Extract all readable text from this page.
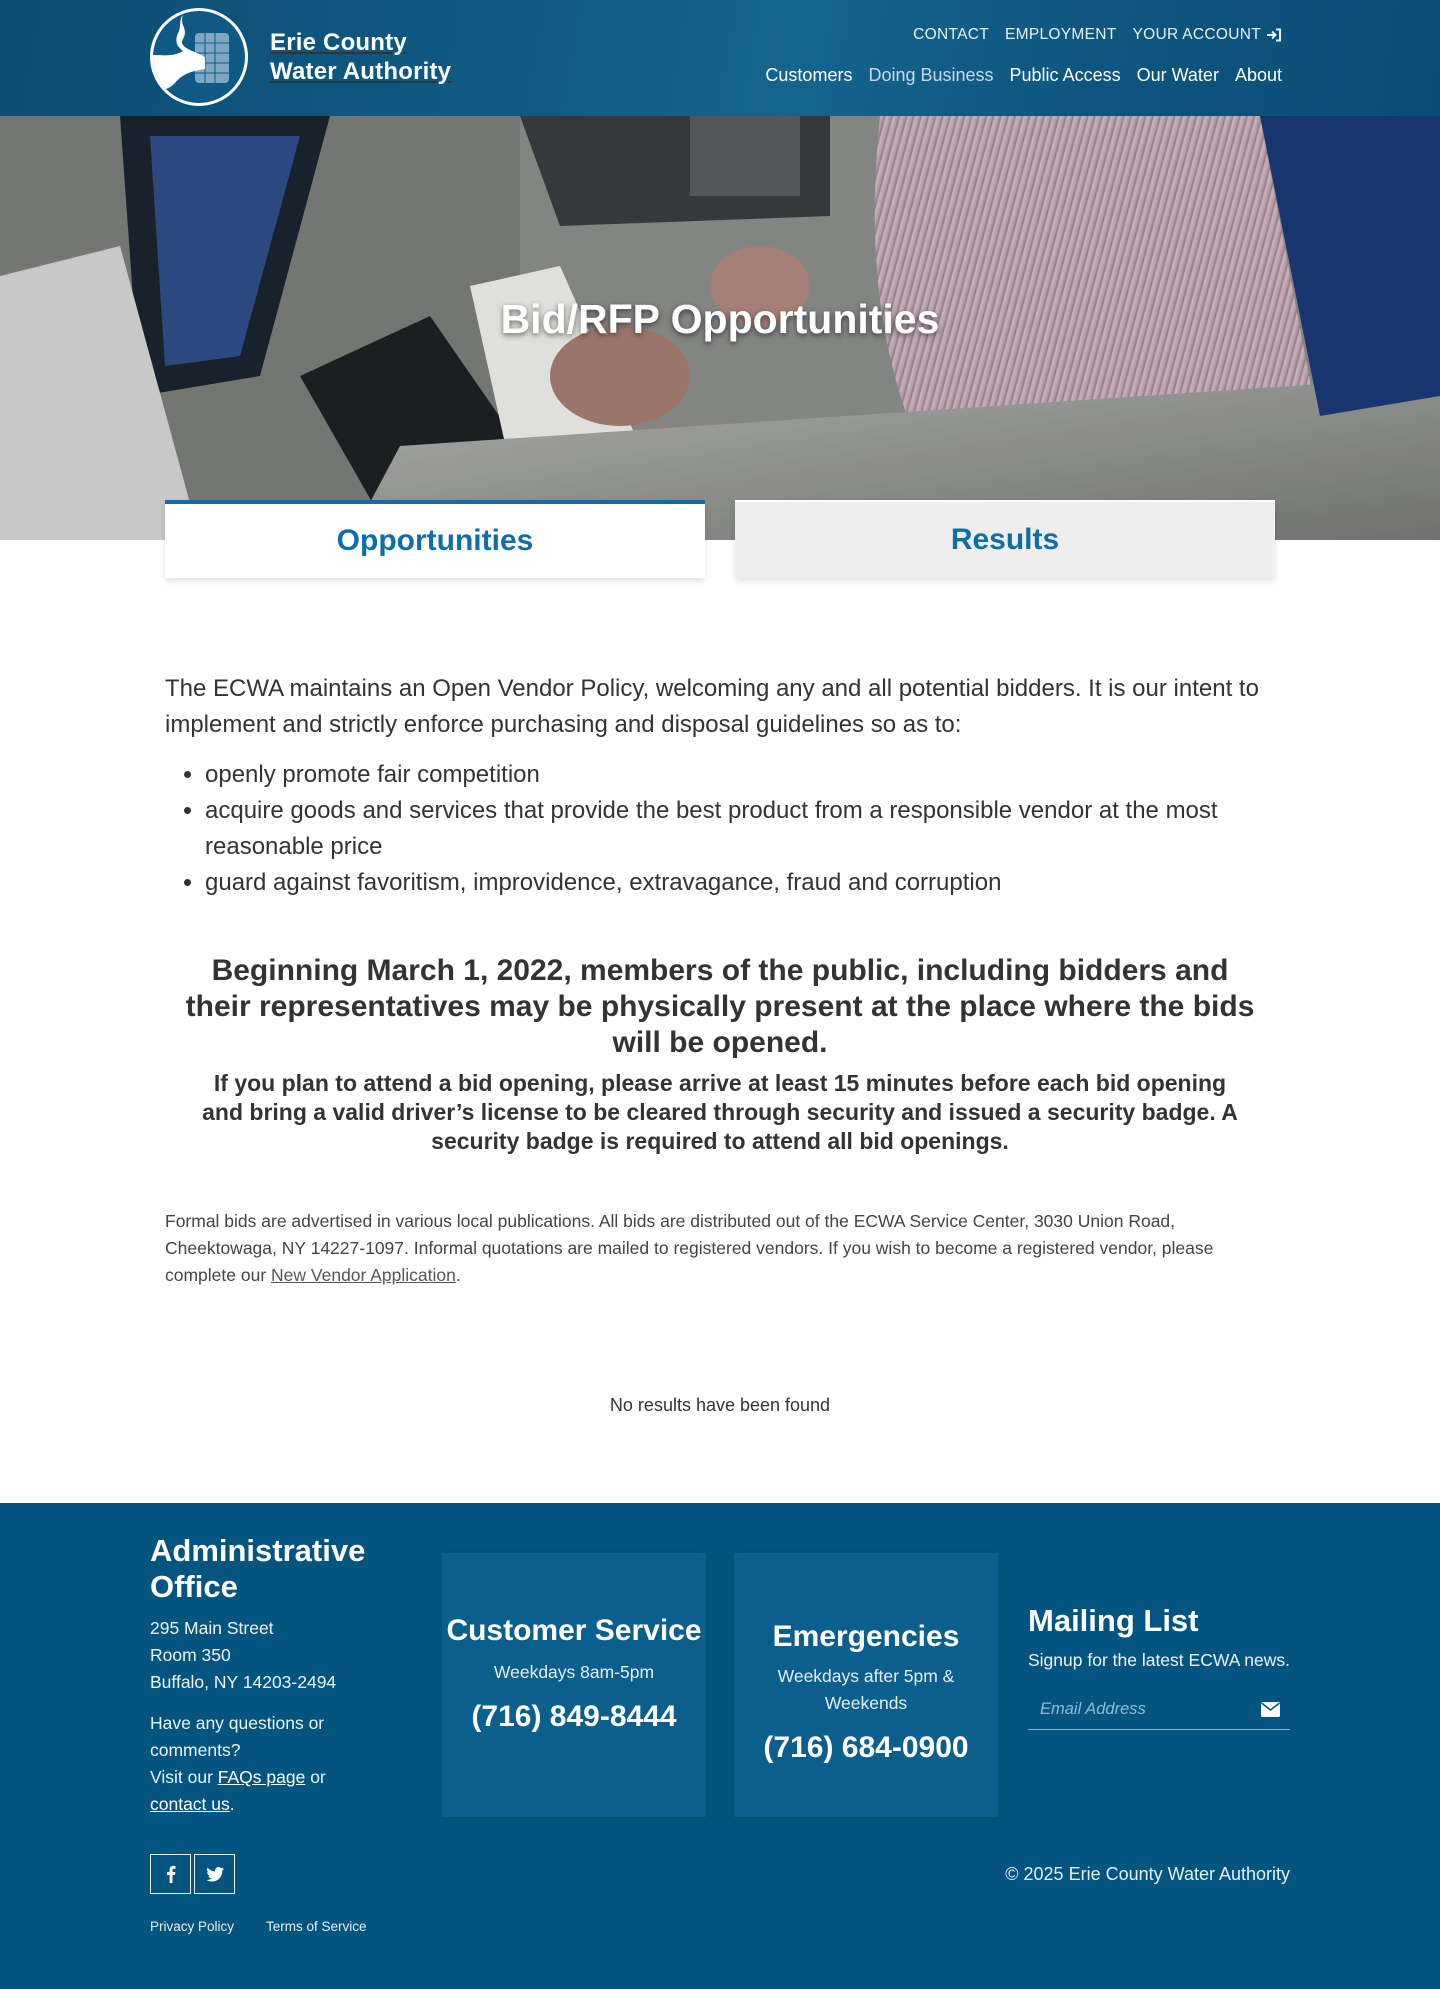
Erie County
Water Authority
CONTACT EMPLOYMENT YOUR ACCOUNT
Customers Doing Business Public Access Our Water About
Bid/RFP Opportunities
Opportunities	Results

The ECWA maintains an Open Vendor Policy, welcoming any and all potential bidders. It is our intent to implement and strictly enforce purchasing and disposal guidelines so as to:

• openly promote fair competition
• acquire goods and services that provide the best product from a responsible vendor at the most reasonable price
• guard against favoritism, improvidence, extravagance, fraud and corruption
Beginning March 1, 2022, members of the public, including bidders and their representatives may be physically present at the place where the bids will be opened.
If you plan to attend a bid opening, please arrive at least 15 minutes before each bid opening and bring a valid driver’s license to be cleared through security and issued a security badge. A security badge is required to attend all bid openings.

Formal bids are advertised in various local publications. All bids are distributed out of the ECWA Service Center, 3030 Union Road, Cheektowaga, NY 14227-1097. Informal quotations are mailed to registered vendors. If you wish to become a registered vendor, please complete our New Vendor Application.

No results have been found

Administrative Office
295 Main Street
Room 350
Buffalo, NY 14203-2494
Have any questions or comments?
Visit our FAQs page or
contact us.
Customer Service
Weekdays 8am-5pm
(716) 849-8444
Emergencies
Weekdays after 5pm & Weekends
(716) 684-0900
Mailing List

Signup for the latest ECWA news.

Email Address
Privacy Policy Terms of Service
© 2025 Erie County Water Authority
